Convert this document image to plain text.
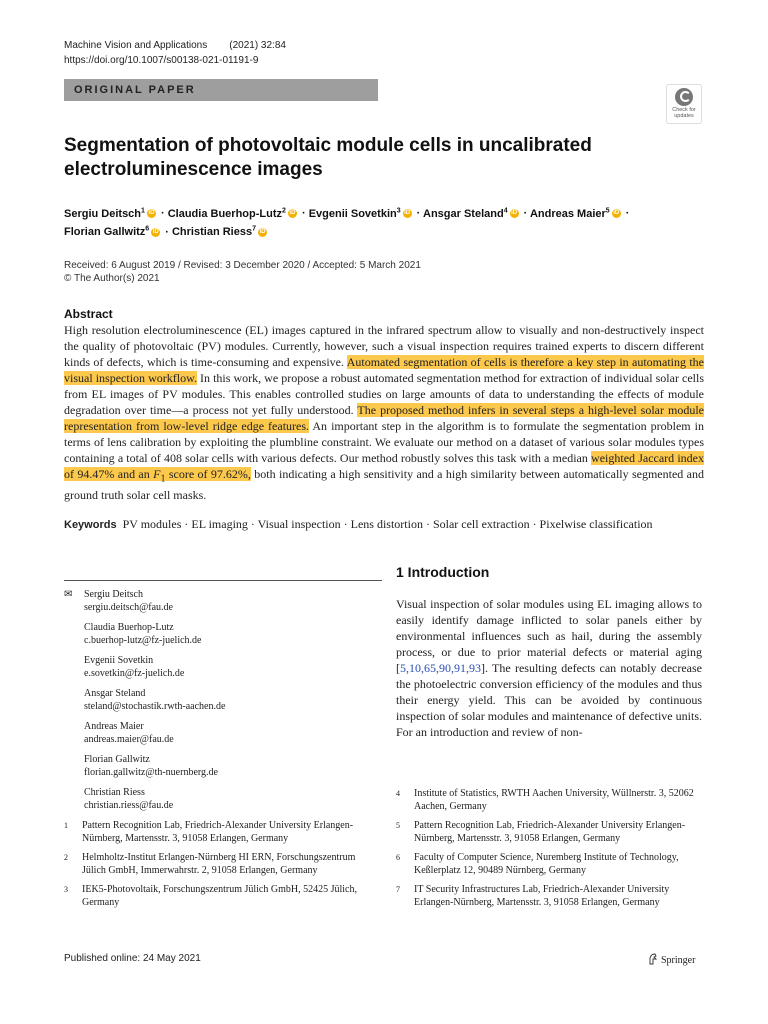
Machine Vision and Applications (2021) 32:84
https://doi.org/10.1007/s00138-021-01191-9
ORIGINAL PAPER
Check for
updates
Segmentation of photovoltaic module cells in uncalibrated electroluminescence images
Sergiu Deitsch$^1$ iD · Claudia Buerhop-Lutz$^2$ iD · Evgenii Sovetkin$^3$ iD · Ansgar Steland$^4$ iD · Andreas Maier$^5$ iD ·
Florian Gallwitz$^6$ iD · Christian Riess$^7$ iD
Received: 6 August 2019 / Revised: 3 December 2020 / Accepted: 5 March 2021
© The Author(s) 2021
Abstract
High resolution electroluminescence (EL) images captured in the infrared spectrum allow to visually and non-destructively inspect the quality of photovoltaic (PV) modules. Currently, however, such a visual inspection requires trained experts to discern different kinds of defects, which is time-consuming and expensive. Automated segmentation of cells is therefore a key step in automating the visual inspection workflow. In this work, we propose a robust automated segmentation method for extraction of individual solar cells from EL images of PV modules. This enables controlled studies on large amounts of data to understanding the effects of module degradation over time—a process not yet fully understood. The proposed method infers in several steps a high-level solar module representation from low-level ridge edge features. An important step in the algorithm is to formulate the segmentation problem in terms of lens calibration by exploiting the plumbline constraint. We evaluate our method on a dataset of various solar modules types containing a total of 408 solar cells with various defects. Our method robustly solves this task with a median weighted Jaccard index of 94.47% and an $F_1$ score of 97.62%, both indicating a high sensitivity and a high similarity between automatically segmented and ground truth solar cell masks.
Keywords PV modules · EL imaging · Visual inspection · Lens distortion · Solar cell extraction · Pixelwise classification
✉ Sergiu Deitsch
sergiu.deitsch@fau.de
Claudia Buerhop-Lutz
c.buerhop-lutz@fz-juelich.de
Evgenii Sovetkin
e.sovetkin@fz-juelich.de
Ansgar Steland
steland@stochastik.rwth-aachen.de
Andreas Maier
andreas.maier@fau.de
Florian Gallwitz
florian.gallwitz@th-nuernberg.de
Christian Riess
christian.riess@fau.de
1 Pattern Recognition Lab, Friedrich-Alexander University Erlangen-Nürnberg, Martensstr. 3, 91058 Erlangen, Germany
2 Helmholtz-Institut Erlangen-Nürnberg HI ERN, Forschungszentrum Jülich GmbH, Immerwahrstr. 2, 91058 Erlangen, Germany
3 IEK5-Photovoltaik, Forschungszentrum Jülich GmbH, 52425 Jülich, Germany
1 Introduction
Visual inspection of solar modules using EL imaging allows to easily identify damage inflicted to solar panels either by environmental influences such as hail, during the assembly process, or due to prior material defects or material aging [5,10,65,90,91,93]. The resulting defects can notably decrease the photoelectric conversion efficiency of the modules and thus their energy yield. This can be avoided by continuous inspection of solar modules and maintenance of defective units. For an introduction and review of non-
4 Institute of Statistics, RWTH Aachen University, Wüllnerstr. 3, 52062 Aachen, Germany
5 Pattern Recognition Lab, Friedrich-Alexander University Erlangen-Nürnberg, Martensstr. 3, 91058 Erlangen, Germany
6 Faculty of Computer Science, Nuremberg Institute of Technology, Keßlerplatz 12, 90489 Nürnberg, Germany
7 IT Security Infrastructures Lab, Friedrich-Alexander University Erlangen-Nürnberg, Martensstr. 3, 91058 Erlangen, Germany
Published online: 24 May 2021	Springer
